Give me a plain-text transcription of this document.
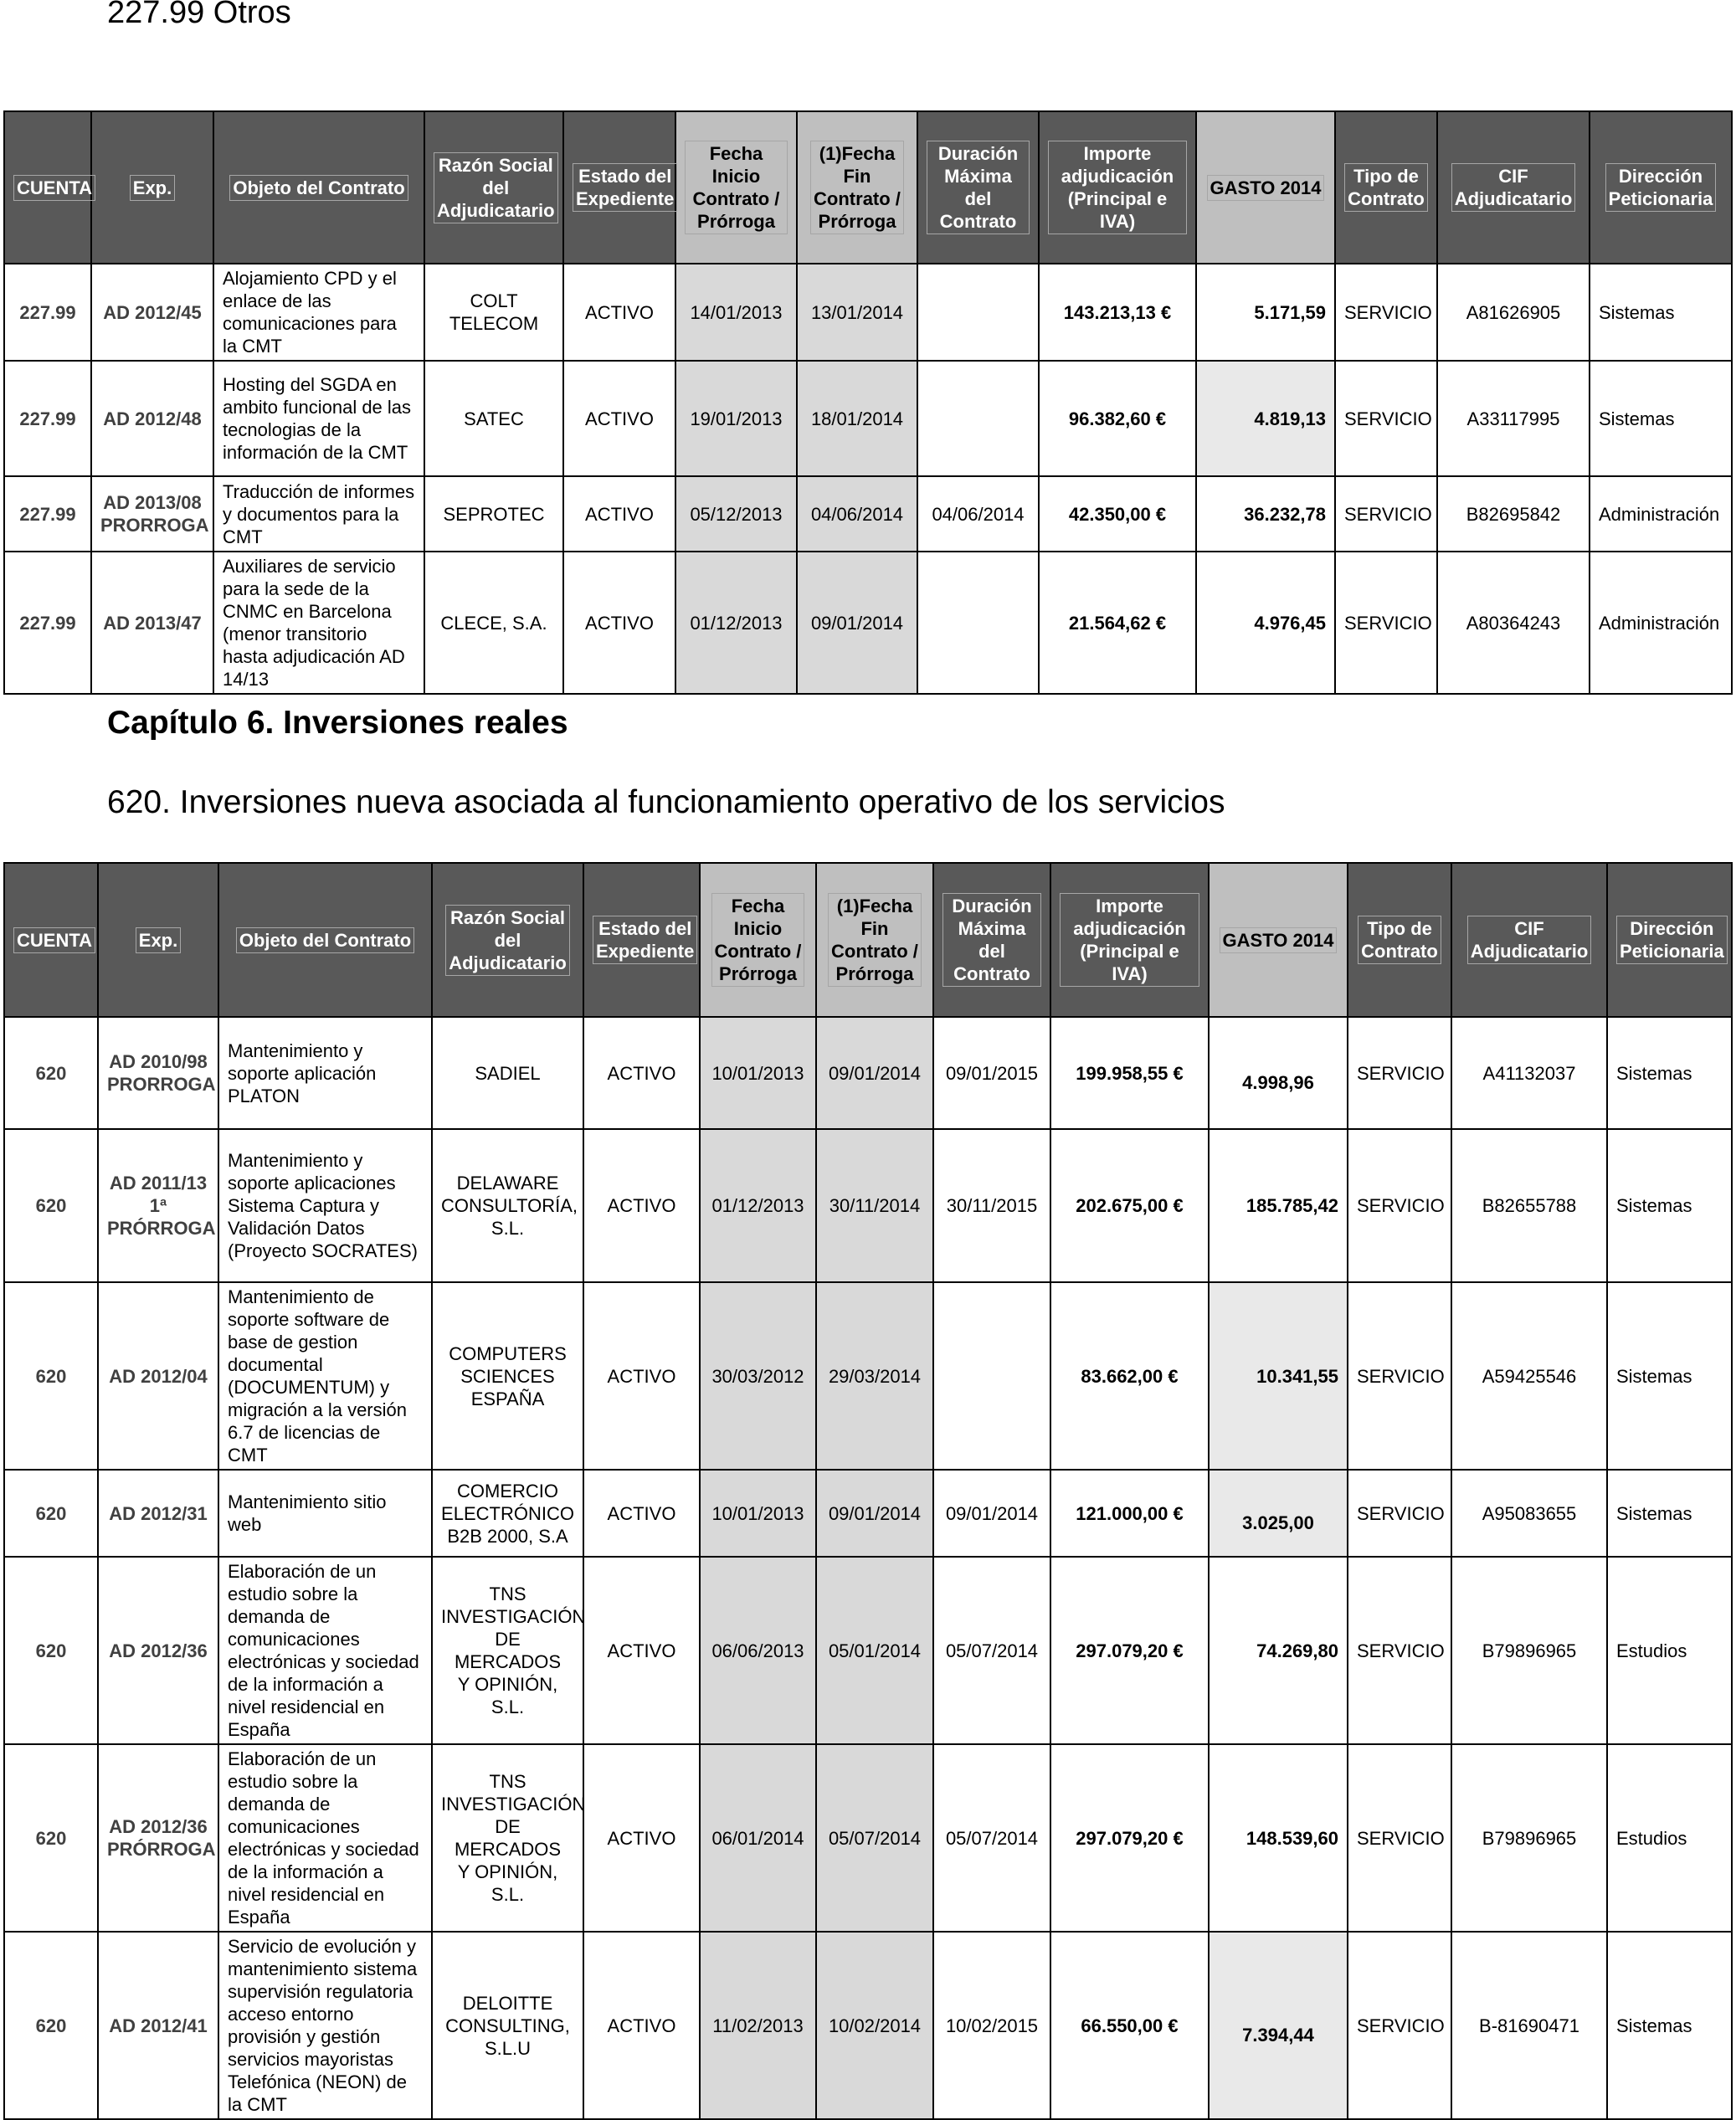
227.99 Otros
CUENTA	Exp.	Objeto del Contrato	Razón Social
del
Adjudicatario	Estado del
Expediente	Fecha Inicio
Contrato /
Prórroga	(1)Fecha
Fin
Contrato /
Prórroga	Duración
Máxima del
Contrato	Importe
adjudicación
(Principal e IVA)	GASTO 2014	Tipo de
Contrato	CIF
Adjudicatario	Dirección
Peticionaria
227.99	AD 2012/45	Alojamiento CPD y el enlace de las comunicaciones para la CMT	COLT
TELECOM	ACTIVO	14/01/2013	13/01/2014		143.213,13 €	5.171,59	SERVICIO	A81626905	Sistemas
227.99	AD 2012/48	Hosting del SGDA en ambito funcional de las tecnologias de la información de la CMT	SATEC	ACTIVO	19/01/2013	18/01/2014		96.382,60 €	4.819,13	SERVICIO	A33117995	Sistemas
227.99	AD 2013/08
PRORROGA	Traducción de informes y documentos para la CMT	SEPROTEC	ACTIVO	05/12/2013	04/06/2014	04/06/2014	42.350,00 €	36.232,78	SERVICIO	B82695842	Administración
227.99	AD 2013/47	Auxiliares de servicio para la sede de la CNMC en Barcelona (menor transitorio hasta adjudicación AD 14/13	CLECE, S.A.	ACTIVO	01/12/2013	09/01/2014		21.564,62 €	4.976,45	SERVICIO	A80364243	Administración
Capítulo 6. Inversiones reales
620. Inversiones nueva asociada al funcionamiento operativo de los servicios
CUENTA	Exp.	Objeto del Contrato	Razón Social
del
Adjudicatario	Estado del
Expediente	Fecha
Inicio
Contrato /
Prórroga	(1)Fecha
Fin
Contrato /
Prórroga	Duración
Máxima del
Contrato	Importe
adjudicación
(Principal e IVA)	GASTO 2014	Tipo de
Contrato	CIF
Adjudicatario	Dirección
Peticionaria
620	AD 2010/98
PRORROGA	Mantenimiento y soporte aplicación PLATON	SADIEL	ACTIVO	10/01/2013	09/01/2014	09/01/2015	199.958,55 €	4.998,96	SERVICIO	A41132037	Sistemas
620	AD 2011/13
1ª
PRÓRROGA	Mantenimiento y soporte aplicaciones Sistema Captura y Validación Datos (Proyecto SOCRATES)	DELAWARE
CONSULTORÍA,
S.L.	ACTIVO	01/12/2013	30/11/2014	30/11/2015	202.675,00 €	185.785,42	SERVICIO	B82655788	Sistemas
620	AD 2012/04	Mantenimiento de soporte software de base de gestion documental (DOCUMENTUM) y migración a la versión 6.7 de licencias de CMT	COMPUTERS
SCIENCES
ESPAÑA	ACTIVO	30/03/2012	29/03/2014		83.662,00 €	10.341,55	SERVICIO	A59425546	Sistemas
620	AD 2012/31	Mantenimiento sitio web	COMERCIO
ELECTRÓNICO
B2B 2000, S.A	ACTIVO	10/01/2013	09/01/2014	09/01/2014	121.000,00 €	3.025,00	SERVICIO	A95083655	Sistemas
620	AD 2012/36	Elaboración de un estudio sobre la demanda de comunicaciones electrónicas y sociedad de la información a nivel residencial en España	TNS
INVESTIGACIÓN
DE MERCADOS
Y OPINIÓN, S.L.	ACTIVO	06/06/2013	05/01/2014	05/07/2014	297.079,20 €	74.269,80	SERVICIO	B79896965	Estudios
620	AD 2012/36
PRÓRROGA	Elaboración de un estudio sobre la demanda de comunicaciones electrónicas y sociedad de la información a nivel residencial en España	TNS
INVESTIGACIÓN
DE MERCADOS
Y OPINIÓN, S.L.	ACTIVO	06/01/2014	05/07/2014	05/07/2014	297.079,20 €	148.539,60	SERVICIO	B79896965	Estudios
620	AD 2012/41	Servicio de evolución y mantenimiento sistema supervisión regulatoria acceso entorno provisión y gestión servicios mayoristas Telefónica (NEON) de la CMT	DELOITTE
CONSULTING,
S.L.U	ACTIVO	11/02/2013	10/02/2014	10/02/2015	66.550,00 €	7.394,44	SERVICIO	B-81690471	Sistemas
